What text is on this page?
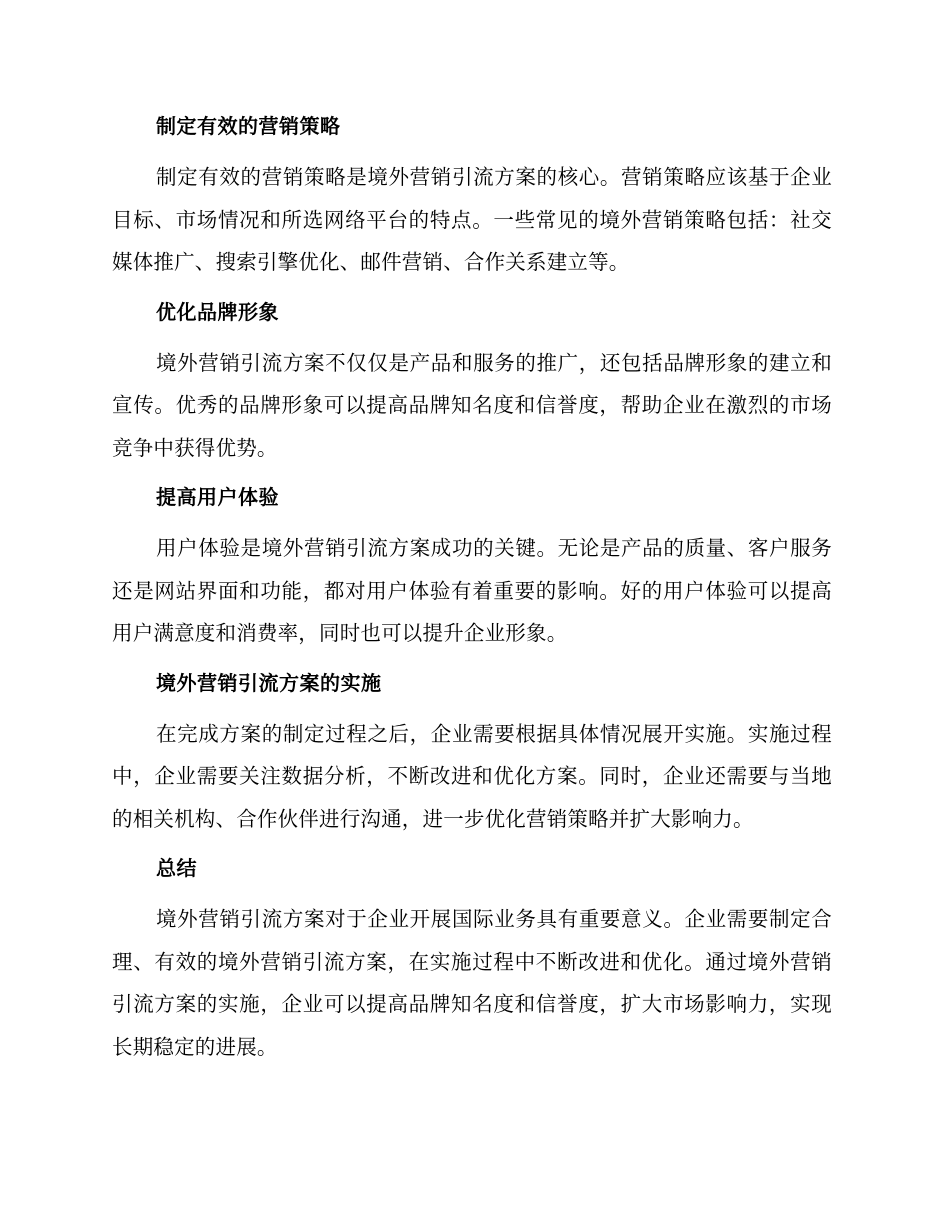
制定有效的营销策略

制定有效的营销策略是境外营销引流方案的核心。营销策略应该基于企业目标、市场情况和所选网络平台的特点。一些常见的境外营销策略包括：社交媒体推广、搜索引擎优化、邮件营销、合作关系建立等。

优化品牌形象

境外营销引流方案不仅仅是产品和服务的推广，还包括品牌形象的建立和宣传。优秀的品牌形象可以提高品牌知名度和信誉度，帮助企业在激烈的市场竞争中获得优势。

提高用户体验

用户体验是境外营销引流方案成功的关键。无论是产品的质量、客户服务还是网站界面和功能，都对用户体验有着重要的影响。好的用户体验可以提高用户满意度和消费率，同时也可以提升企业形象。

境外营销引流方案的实施

在完成方案的制定过程之后，企业需要根据具体情况展开实施。实施过程中，企业需要关注数据分析，不断改进和优化方案。同时，企业还需要与当地的相关机构、合作伙伴进行沟通，进一步优化营销策略并扩大影响力。

总结

境外营销引流方案对于企业开展国际业务具有重要意义。企业需要制定合理、有效的境外营销引流方案，在实施过程中不断改进和优化。通过境外营销引流方案的实施，企业可以提高品牌知名度和信誉度，扩大市场影响力，实现长期稳定的进展。
